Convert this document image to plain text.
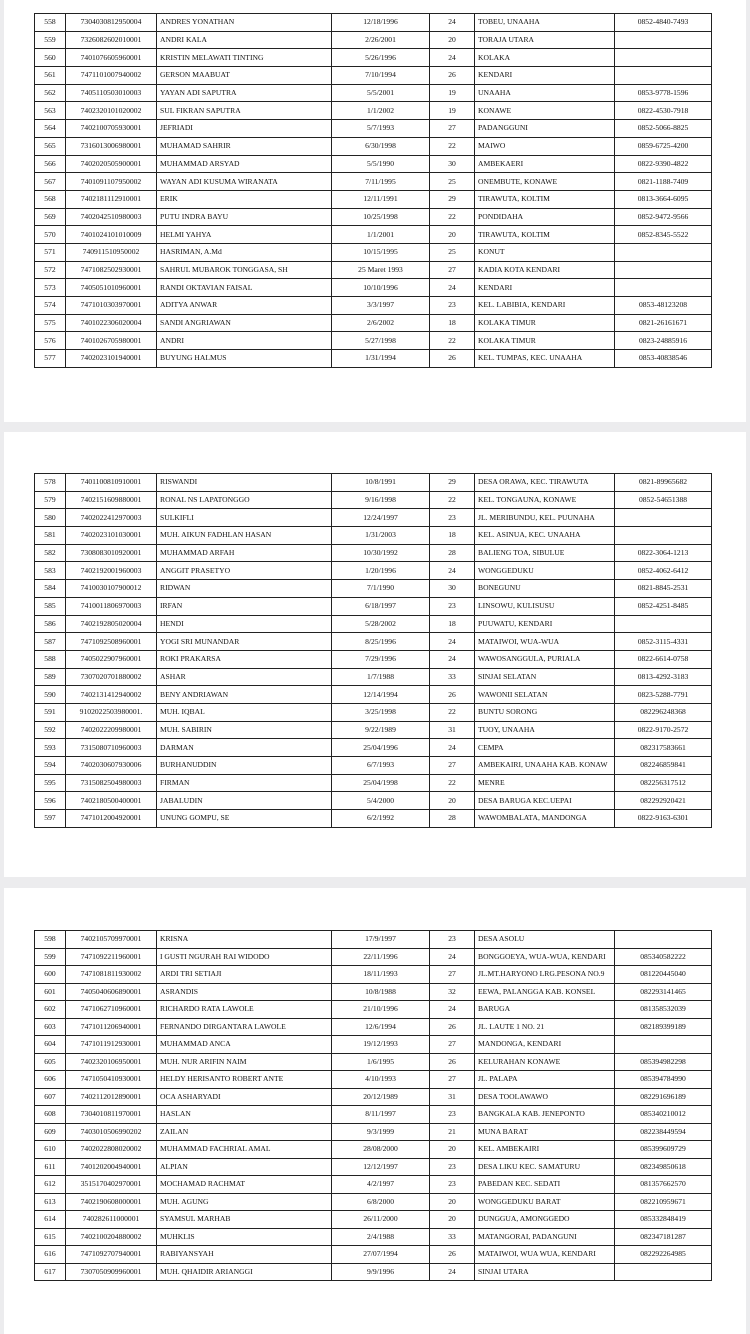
558	7304030812950004	ANDRES YONATHAN	12/18/1996	24	TOBEU, UNAAHA	0852-4840-7493
559	7326082602010001	ANDRI KALA	2/26/2001	20	TORAJA UTARA	
560	7401076605960001	KRISTIN MELAWATI TINTING	5/26/1996	24	KOLAKA	
561	7471101007940002	GERSON MAABUAT	7/10/1994	26	KENDARI	
562	7405110503010003	YAYAN ADI SAPUTRA	5/5/2001	19	UNAAHA	0853-9778-1596
563	7402320101020002	SUL FIKRAN SAPUTRA	1/1/2002	19	KONAWE	0822-4530-7918
564	7402100705930001	JEFRIADI	5/7/1993	27	PADANGGUNI	0852-5066-8825
565	7316013006980001	MUHAMAD SAHRIR	6/30/1998	22	MAIWO	0859-6725-4200
566	7402020505900001	MUHAMMAD ARSYAD	5/5/1990	30	AMBEKAERI	0822-9390-4822
567	7401091107950002	WAYAN ADI KUSUMA WIRANATA	7/11/1995	25	ONEMBUTE, KONAWE	0821-1188-7409
568	7402181112910001	ERIK	12/11/1991	29	TIRAWUTA, KOLTIM	0813-3664-6095
569	7402042510980003	PUTU INDRA BAYU	10/25/1998	22	PONDIDAHA	0852-9472-9566
570	7401024101010009	HELMI YAHYA	1/1/2001	20	TIRAWUTA, KOLTIM	0852-8345-5522
571	740911510950002	HASRIMAN, A.Md	10/15/1995	25	KONUT	
572	7471082502930001	SAHRUL MUBAROK TONGGASA, SH	25 Maret 1993	27	KADIA KOTA KENDARI	
573	7405051010960001	RANDI OKTAVIAN FAISAL	10/10/1996	24	KENDARI	
574	7471010303970001	ADITYA ANWAR	3/3/1997	23	KEL. LABIBIA, KENDARI	0853-48123208
575	7401022306020004	SANDI ANGRIAWAN	2/6/2002	18	KOLAKA TIMUR	0821-26161671
576	7401026705980001	ANDRI	5/27/1998	22	KOLAKA TIMUR	0823-24885916
577	7402023101940001	BUYUNG HALMUS	1/31/1994	26	KEL. TUMPAS, KEC. UNAAHA	0853-40838546
578	7401100810910001	RISWANDI	10/8/1991	29	DESA ORAWA, KEC. TIRAWUTA	0821-89965682
579	7402151609880001	RONAL NS LAPATONGGO	9/16/1998	22	KEL. TONGAUNA, KONAWE	0852-54651388
580	7402022412970003	SULKIFLI	12/24/1997	23	JL. MERIBUNDU, KEL. PUUNAHA	
581	7402023101030001	MUH. AIKUN FADHLAN HASAN	1/31/2003	18	KEL. ASINUA, KEC. UNAAHA	
582	7308083010920001	MUHAMMAD ARFAH	10/30/1992	28	BALIENG TOA, SIBULUE	0822-3064-1213
583	7402192001960003	ANGGIT PRASETYO	1/20/1996	24	WONGGEDUKU	0852-4062-6412
584	7410030107900012	RIDWAN	7/1/1990	30	BONEGUNU	0821-8845-2531
585	7410011806970003	IRFAN	6/18/1997	23	LINSOWU, KULISUSU	0852-4251-8485
586	7402192805020004	HENDI	5/28/2002	18	PUUWATU, KENDARI	
587	7471092508960001	YOGI SRI MUNANDAR	8/25/1996	24	MATAIWOI, WUA-WUA	0852-3115-4331
588	7405022907960001	ROKI PRAKARSA	7/29/1996	24	WAWOSANGGULA, PURIALA	0822-6614-0758
589	7307020701880002	ASHAR	1/7/1988	33	SINJAI SELATAN	0813-4292-3183
590	7402131412940002	BENY ANDRIAWAN	12/14/1994	26	WAWONII SELATAN	0823-5288-7791
591	9102022503980001.	MUH. IQBAL	3/25/1998	22	BUNTU SORONG	082296248368
592	7402022209980001	MUH. SABIRIN	9/22/1989	31	TUOY, UNAAHA	0822-9170-2572
593	7315080710960003	DARMAN	25/04/1996	24	CEMPA	082317583661
594	7402030607930006	BURHANUDDIN	6/7/1993	27	AMBEKAIRI, UNAAHA KAB. KONAW	082246859841
595	7315082504980003	FIRMAN	25/04/1998	22	MENRE	082256317512
596	7402180500400001	JABALUDIN	5/4/2000	20	DESA BARUGA KEC.UEPAI	082292920421
597	7471012004920001	UNUNG GOMPU, SE	6/2/1992	28	WAWOMBALATA, MANDONGA	0822-9163-6301
598	7402105709970001	KRISNA	17/9/1997	23	DESA ASOLU	
599	7471092211960001	I GUSTI NGURAH RAI WIDODO	22/11/1996	24	BONGGOEYA, WUA-WUA, KENDARI	085340582222
600	7471081811930002	ARDI TRI SETIAJI	18/11/1993	27	JL.MT.HARYONO LRG.PESONA NO.9	081220445040
601	7405040606890001	ASRANDIS	10/8/1988	32	EEWA, PALANGGA KAB. KONSEL	082293141465
602	7471062710960001	RICHARDO RATA LAWOLE	21/10/1996	24	BARUGA	081358532039
603	7471011206940001	FERNANDO DIRGANTARA LAWOLE	12/6/1994	26	JL. LAUTE 1 NO. 21	082189399189
604	7471011912930001	MUHAMMAD ANCA	19/12/1993	27	MANDONGA, KENDARI	
605	7402320106950001	MUH. NUR ARIFIN NAIM	1/6/1995	26	KELURAHAN KONAWE	085394982298
606	7471050410930001	HELDY HERISANTO ROBERT ANTE	4/10/1993	27	JL. PALAPA	085394784990
607	7402112012890001	OCA ASHARYADI	20/12/1989	31	DESA TOOLAWAWO	082291696189
608	7304010811970001	HASLAN	8/11/1997	23	BANGKALA KAB. JENEPONTO	085340210012
609	7403010506990202	ZAILAN	9/3/1999	21	MUNA BARAT	082238449594
610	7402022808020002	MUHAMMAD FACHRIAL AMAL	28/08/2000	20	KEL. AMBEKAIRI	085399609729
611	7401202004940001	ALPIAN	12/12/1997	23	DESA LIKU KEC. SAMATURU	082349850618
612	3515170402970001	MOCHAMAD RACHMAT	4/2/1997	23	PABEDAN KEC. SEDATI	081357662570
613	7402190608000001	MUH. AGUNG	6/8/2000	20	WONGGEDUKU BARAT	082210959671
614	740282611000001	SYAMSUL MARHAB	26/11/2000	20	DUNGGUA, AMONGGEDO	085332848419
615	7402100204880002	MUHKLIS	2/4/1988	33	MATANGORAI, PADANGUNI	082347181287
616	7471092707940001	RABIYANSYAH	27/07/1994	26	MATAIWOI, WUA WUA, KENDARI	082292264985
617	7307050909960001	MUH. QHAIDIR ARIANGGI	9/9/1996	24	SINJAI UTARA	
